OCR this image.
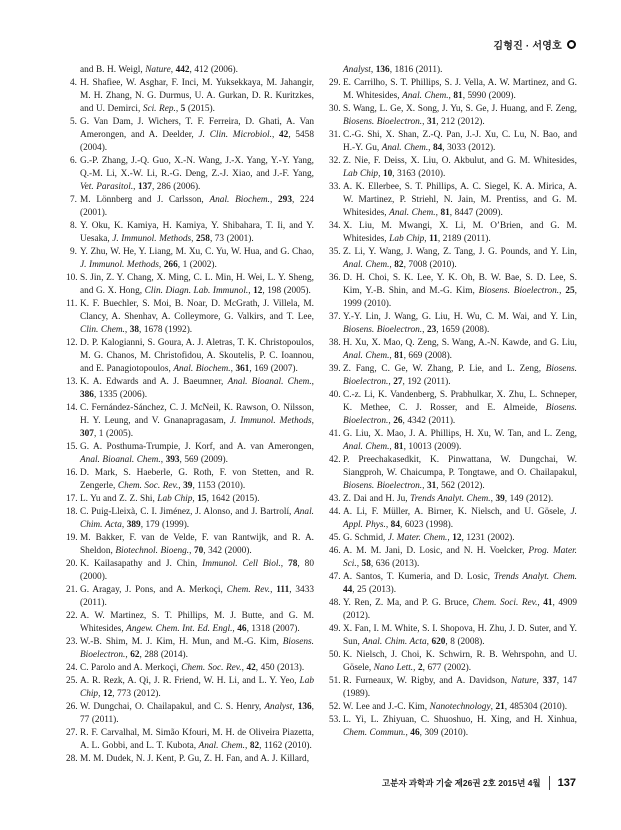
김형진 · 서영호

and B. H. Weigl, Nature, 442, 412 (2006).

4. H. Shafiee, W. Asghar, F. Inci, M. Yuksekkaya, M. Jahangir, M. H. Zhang, N. G. Durmus, U. A. Gurkan, D. R. Kuritzkes, and U. Demirci, Sci. Rep., 5 (2015).

5. G. Van Dam, J. Wichers, T. F. Ferreira, D. Ghati, A. Van Amerongen, and A. Deelder, J. Clin. Microbiol., 42, 5458 (2004).

6. G.-P. Zhang, J.-Q. Guo, X.-N. Wang, J.-X. Yang, Y.-Y. Yang, Q.-M. Li, X.-W. Li, R.-G. Deng, Z.-J. Xiao, and J.-F. Yang, Vet. Parasitol., 137, 286 (2006).

7. M. Lönnberg and J. Carlsson, Anal. Biochem., 293, 224 (2001).

8. Y. Oku, K. Kamiya, H. Kamiya, Y. Shibahara, T. Ii, and Y. Uesaka, J. Immunol. Methods, 258, 73 (2001).

9. Y. Zhu, W. He, Y. Liang, M. Xu, C. Yu, W. Hua, and G. Chao, J. Immunol. Methods, 266, 1 (2002).

10. S. Jin, Z. Y. Chang, X. Ming, C. L. Min, H. Wei, L. Y. Sheng, and G. X. Hong, Clin. Diagn. Lab. Immunol., 12, 198 (2005).

11. K. F. Buechler, S. Moi, B. Noar, D. McGrath, J. Villela, M. Clancy, A. Shenhav, A. Colleymore, G. Valkirs, and T. Lee, Clin. Chem., 38, 1678 (1992).

12. D. P. Kalogianni, S. Goura, A. J. Aletras, T. K. Christopoulos, M. G. Chanos, M. Christofidou, A. Skoutelis, P. C. Ioannou, and E. Panagiotopoulos, Anal. Biochem., 361, 169 (2007).

13. K. A. Edwards and A. J. Baeumner, Anal. Bioanal. Chem., 386, 1335 (2006).

14. C. Fernández-Sánchez, C. J. McNeil, K. Rawson, O. Nilsson, H. Y. Leung, and V. Gnanapragasam, J. Immunol. Methods, 307, 1 (2005).

15. G. A. Posthuma-Trumpie, J. Korf, and A. van Amerongen, Anal. Bioanal. Chem., 393, 569 (2009).

16. D. Mark, S. Haeberle, G. Roth, F. von Stetten, and R. Zengerle, Chem. Soc. Rev., 39, 1153 (2010).

17. L. Yu and Z. Z. Shi, Lab Chip, 15, 1642 (2015).

18. C. Puig-Lleixà, C. I. Jiménez, J. Alonso, and J. Bartrolí, Anal. Chim. Acta, 389, 179 (1999).

19. M. Bakker, F. van de Velde, F. van Rantwijk, and R. A. Sheldon, Biotechnol. Bioeng., 70, 342 (2000).

20. K. Kailasapathy and J. Chin, Immunol. Cell Biol., 78, 80 (2000).

21. G. Aragay, J. Pons, and A. Merkoçi, Chem. Rev., 111, 3433 (2011).

22. A. W. Martinez, S. T. Phillips, M. J. Butte, and G. M. Whitesides, Angew. Chem. Int. Ed. Engl., 46, 1318 (2007).

23. W.-B. Shim, M. J. Kim, H. Mun, and M.-G. Kim, Biosens. Bioelectron., 62, 288 (2014).

24. C. Parolo and A. Merkoçi, Chem. Soc. Rev., 42, 450 (2013).

25. A. R. Rezk, A. Qi, J. R. Friend, W. H. Li, and L. Y. Yeo, Lab Chip, 12, 773 (2012).

26. W. Dungchai, O. Chailapakul, and C. S. Henry, Analyst, 136, 77 (2011).

27. R. F. Carvalhal, M. Simão Kfouri, M. H. de Oliveira Piazetta, A. L. Gobbi, and L. T. Kubota, Anal. Chem., 82, 1162 (2010).

28. M. M. Dudek, N. J. Kent, P. Gu, Z. H. Fan, and A. J. Killard,

Analyst, 136, 1816 (2011).

29. E. Carrilho, S. T. Phillips, S. J. Vella, A. W. Martinez, and G. M. Whitesides, Anal. Chem., 81, 5990 (2009).

30. S. Wang, L. Ge, X. Song, J. Yu, S. Ge, J. Huang, and F. Zeng, Biosens. Bioelectron., 31, 212 (2012).

31. C.-G. Shi, X. Shan, Z.-Q. Pan, J.-J. Xu, C. Lu, N. Bao, and H.-Y. Gu, Anal. Chem., 84, 3033 (2012).

32. Z. Nie, F. Deiss, X. Liu, O. Akbulut, and G. M. Whitesides, Lab Chip, 10, 3163 (2010).

33. A. K. Ellerbee, S. T. Phillips, A. C. Siegel, K. A. Mirica, A. W. Martinez, P. Striehl, N. Jain, M. Prentiss, and G. M. Whitesides, Anal. Chem., 81, 8447 (2009).

34. X. Liu, M. Mwangi, X. Li, M. O’Brien, and G. M. Whitesides, Lab Chip, 11, 2189 (2011).

35. Z. Li, Y. Wang, J. Wang, Z. Tang, J. G. Pounds, and Y. Lin, Anal. Chem., 82, 7008 (2010).

36. D. H. Choi, S. K. Lee, Y. K. Oh, B. W. Bae, S. D. Lee, S. Kim, Y.-B. Shin, and M.-G. Kim, Biosens. Bioelectron., 25, 1999 (2010).

37. Y.-Y. Lin, J. Wang, G. Liu, H. Wu, C. M. Wai, and Y. Lin, Biosens. Bioelectron., 23, 1659 (2008).

38. H. Xu, X. Mao, Q. Zeng, S. Wang, A.-N. Kawde, and G. Liu, Anal. Chem., 81, 669 (2008).

39. Z. Fang, C. Ge, W. Zhang, P. Lie, and L. Zeng, Biosens. Bioelectron., 27, 192 (2011).

40. C.-z. Li, K. Vandenberg, S. Prabhulkar, X. Zhu, L. Schneper, K. Methee, C. J. Rosser, and E. Almeide, Biosens. Bioelectron., 26, 4342 (2011).

41. G. Liu, X. Mao, J. A. Phillips, H. Xu, W. Tan, and L. Zeng, Anal. Chem., 81, 10013 (2009).

42. P. Preechakasedkit, K. Pinwattana, W. Dungchai, W. Siangproh, W. Chaicumpa, P. Tongtawe, and O. Chailapakul, Biosens. Bioelectron., 31, 562 (2012).

43. Z. Dai and H. Ju, Trends Analyt. Chem., 39, 149 (2012).

44. A. Li, F. Müller, A. Birner, K. Nielsch, and U. Gösele, J. Appl. Phys., 84, 6023 (1998).

45. G. Schmid, J. Mater. Chem., 12, 1231 (2002).

46. A. M. M. Jani, D. Losic, and N. H. Voelcker, Prog. Mater. Sci., 58, 636 (2013).

47. A. Santos, T. Kumeria, and D. Losic, Trends Analyt. Chem. 44, 25 (2013).

48. Y. Ren, Z. Ma, and P. G. Bruce, Chem. Soci. Rev., 41, 4909 (2012).

49. X. Fan, I. M. White, S. I. Shopova, H. Zhu, J. D. Suter, and Y. Sun, Anal. Chim. Acta, 620, 8 (2008).

50. K. Nielsch, J. Choi, K. Schwirn, R. B. Wehrspohn, and U. Gösele, Nano Lett., 2, 677 (2002).

51. R. Furneaux, W. Rigby, and A. Davidson, Nature, 337, 147 (1989).

52. W. Lee and J.-C. Kim, Nanotechnology, 21, 485304 (2010).

53. L. Yi, L. Zhiyuan, C. Shuoshuo, H. Xing, and H. Xinhua, Chem. Commun., 46, 309 (2010).

고분자 과학과 기술 제26권 2호 2015년 4월 137
